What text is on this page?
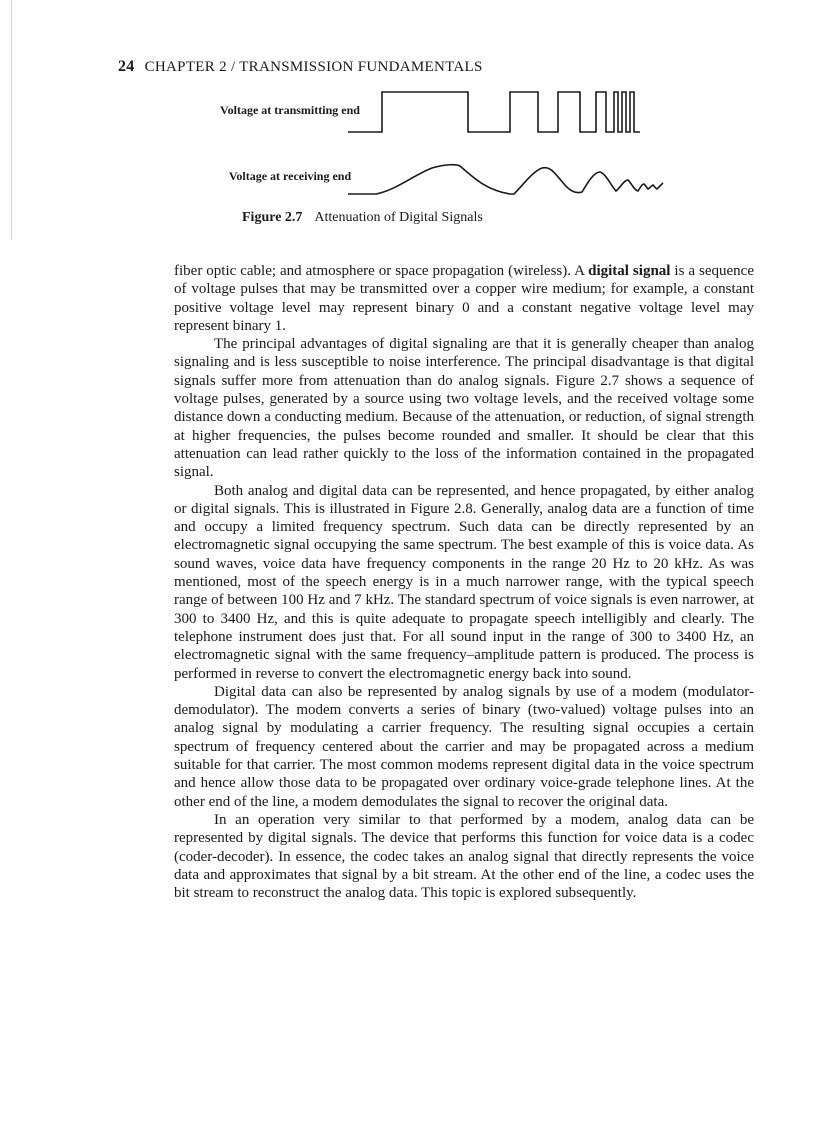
24 CHAPTER 2 / TRANSMISSION FUNDAMENTALS
Voltage at transmitting end
Voltage at receiving end
Figure 2.7 Attenuation of Digital Signals

fiber optic cable; and atmosphere or space propagation (wireless). A digital signal is a sequence of voltage pulses that may be transmitted over a copper wire medium; for example, a constant positive voltage level may represent binary 0 and a constant negative voltage level may represent binary 1.

The principal advantages of digital signaling are that it is generally cheaper than analog signaling and is less susceptible to noise interference. The principal disadvantage is that digital signals suffer more from attenuation than do analog signals. Figure 2.7 shows a sequence of voltage pulses, generated by a source using two voltage levels, and the received voltage some distance down a conducting medium. Because of the attenuation, or reduction, of signal strength at higher frequencies, the pulses become rounded and smaller. It should be clear that this attenuation can lead rather quickly to the loss of the information contained in the propagated signal.

Both analog and digital data can be represented, and hence propagated, by either analog or digital signals. This is illustrated in Figure 2.8. Generally, analog data are a function of time and occupy a limited frequency spectrum. Such data can be directly represented by an electromagnetic signal occupying the same spectrum. The best example of this is voice data. As sound waves, voice data have frequency components in the range 20 Hz to 20 kHz. As was mentioned, most of the speech energy is in a much narrower range, with the typical speech range of between 100 Hz and 7 kHz. The standard spectrum of voice signals is even narrower, at 300 to 3400 Hz, and this is quite adequate to propagate speech intelligibly and clearly. The telephone instrument does just that. For all sound input in the range of 300 to 3400 Hz, an electromagnetic signal with the same frequency–amplitude pattern is produced. The process is performed in reverse to convert the electromagnetic energy back into sound.

Digital data can also be represented by analog signals by use of a modem (modulator-demodulator). The modem converts a series of binary (two-valued) voltage pulses into an analog signal by modulating a carrier frequency. The resulting signal occupies a certain spectrum of frequency centered about the carrier and may be propagated across a medium suitable for that carrier. The most common modems represent digital data in the voice spectrum and hence allow those data to be propagated over ordinary voice-grade telephone lines. At the other end of the line, a modem demodulates the signal to recover the original data.

In an operation very similar to that performed by a modem, analog data can be represented by digital signals. The device that performs this function for voice data is a codec (coder-decoder). In essence, the codec takes an analog signal that directly represents the voice data and approximates that signal by a bit stream. At the other end of the line, a codec uses the bit stream to reconstruct the analog data. This topic is explored subsequently.
